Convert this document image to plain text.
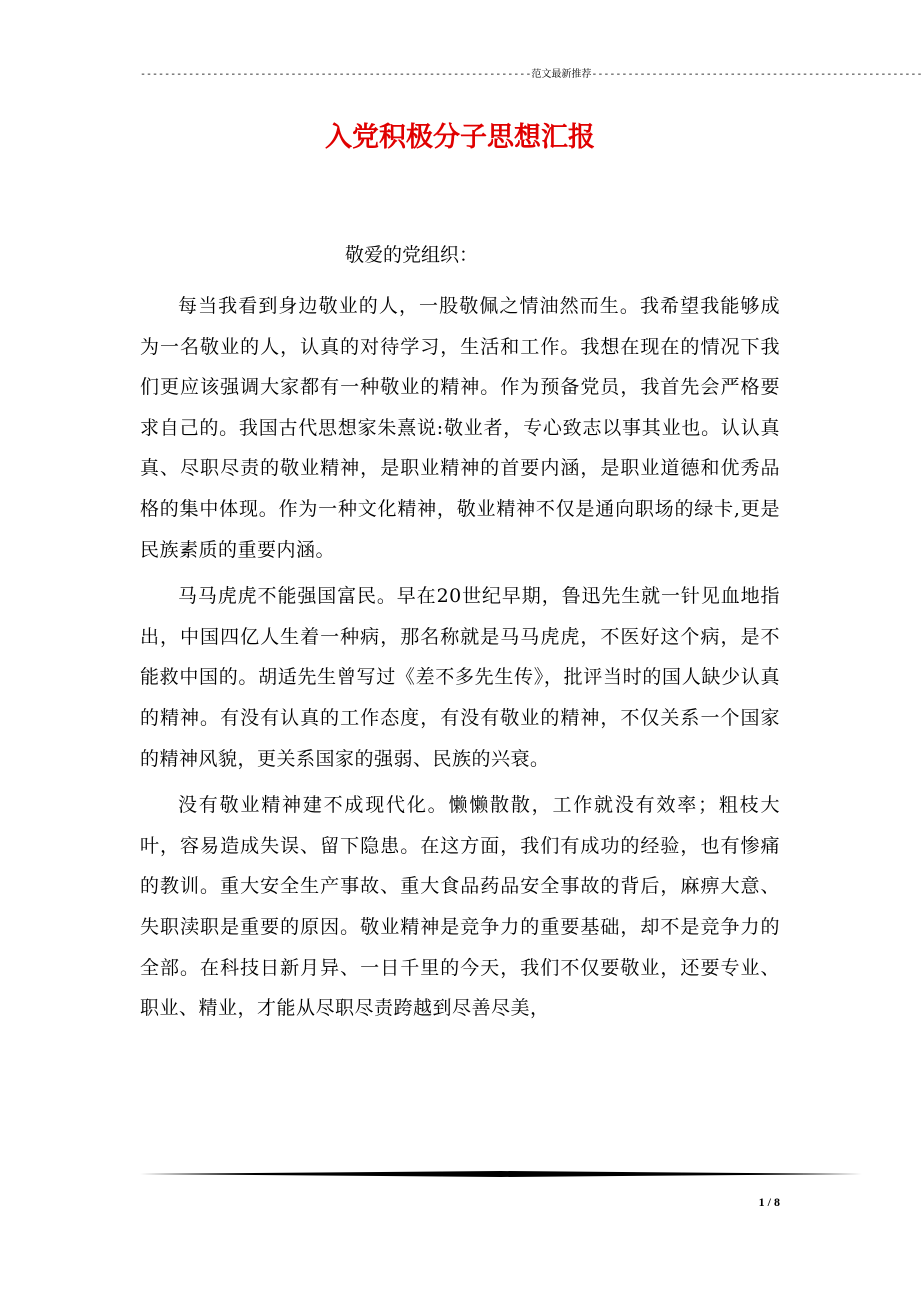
-----------------------------------------------------------------范文最新推荐-------------------------------------------------------
入党积极分子思想汇报

敬爱的党组织：

每当我看到身边敬业的人，一股敬佩之情油然而生。我希望我能够成为一名敬业的人，认真的对待学习，生活和工作。我想在现在的情况下我们更应该强调大家都有一种敬业的精神。作为预备党员，我首先会严格要求自己的。我国古代思想家朱熹说:敬业者，专心致志以事其业也。认认真真、尽职尽责的敬业精神，是职业精神的首要内涵，是职业道德和优秀品格的集中体现。作为一种文化精神，敬业精神不仅是通向职场的绿卡,更是民族素质的重要内涵。

马马虎虎不能强国富民。早在20世纪早期，鲁迅先生就一针见血地指出，中国四亿人生着一种病，那名称就是马马虎虎，不医好这个病，是不能救中国的。胡适先生曾写过《差不多先生传》，批评当时的国人缺少认真的精神。有没有认真的工作态度，有没有敬业的精神，不仅关系一个国家的精神风貌，更关系国家的强弱、民族的兴衰。

没有敬业精神建不成现代化。懒懒散散，工作就没有效率；粗枝大叶，容易造成失误、留下隐患。在这方面，我们有成功的经验，也有惨痛的教训。重大安全生产事故、重大食品药品安全事故的背后，麻痹大意、失职渎职是重要的原因。敬业精神是竞争力的重要基础，却不是竞争力的全部。在科技日新月异、一日千里的今天，我们不仅要敬业，还要专业、职业、精业，才能从尽职尽责跨越到尽善尽美，

1 / 8
